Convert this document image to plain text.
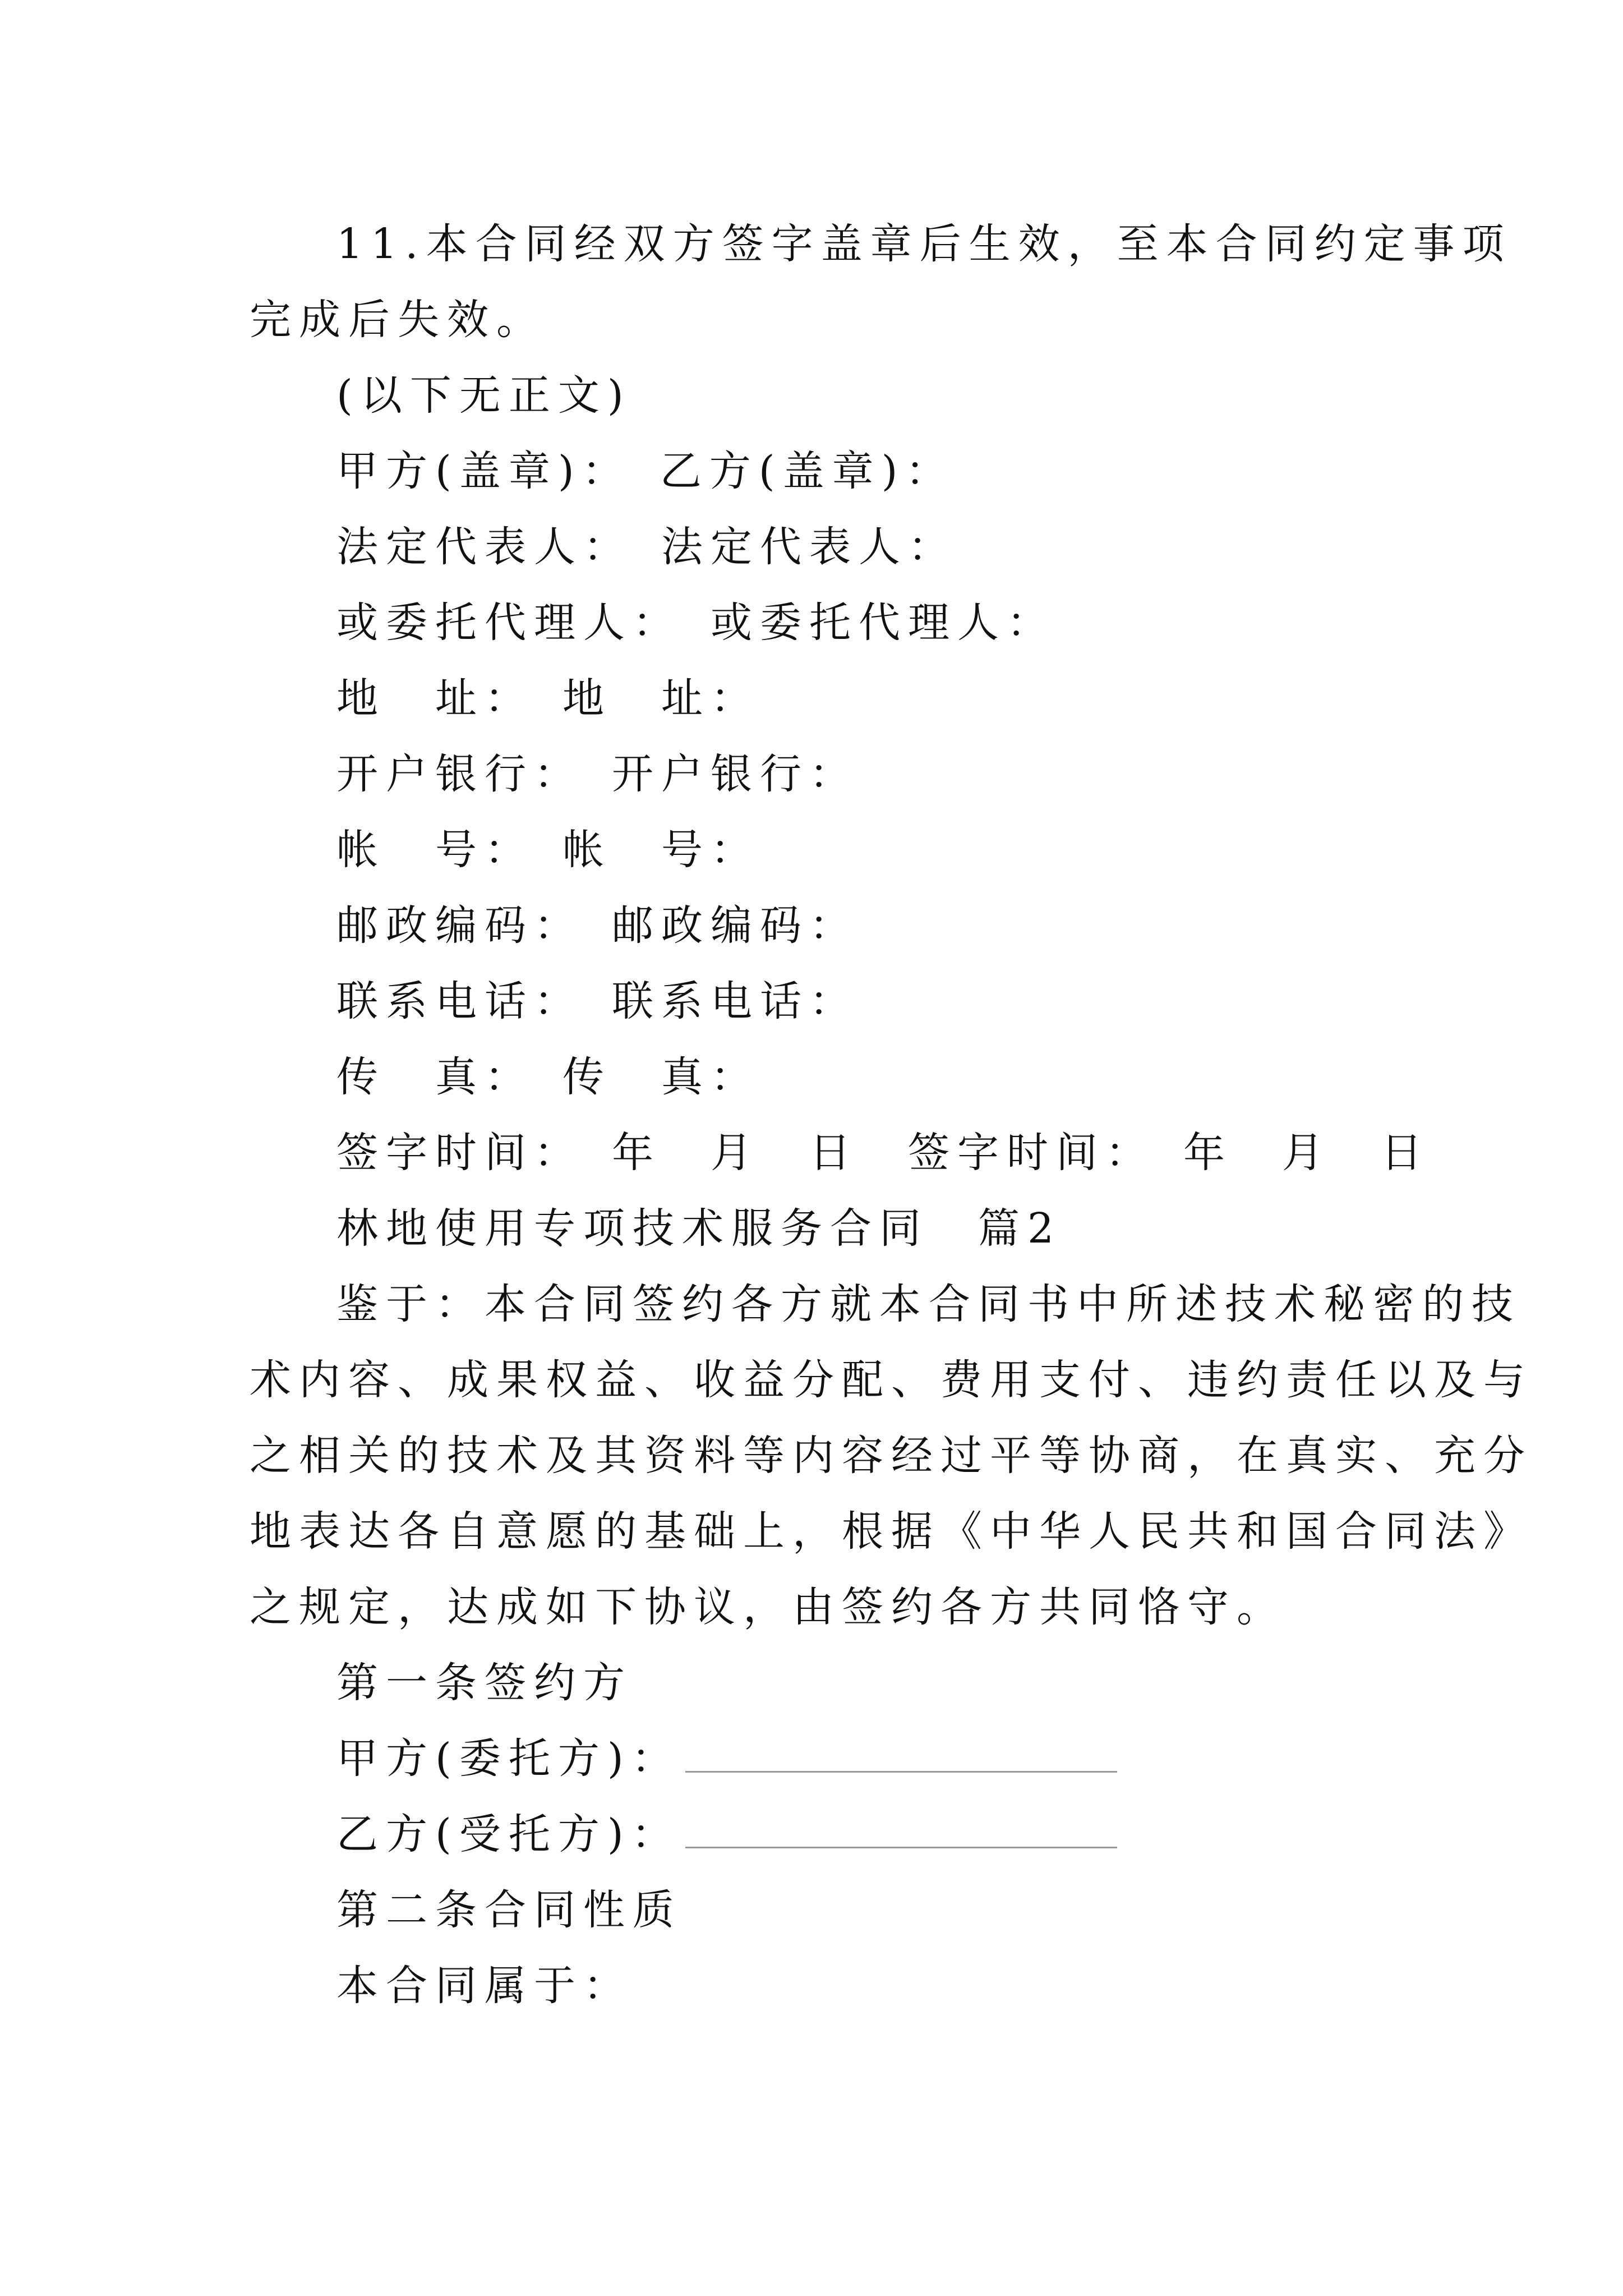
11.本合同经双方签字盖章后生效，至本合同约定事项
完成后失效。
(以下无正文)
甲方(盖章)：　乙方(盖章)：
法定代表人：　法定代表人：
或委托代理人：　或委托代理人：
地　址：　地　址：
开户银行：　开户银行：
帐　号：　帐　号：
邮政编码：　邮政编码：
联系电话：　联系电话：
传　真：　传　真：
签字时间：　年　月　日　签字时间：　年　月　日
林地使用专项技术服务合同　篇2
鉴于：本合同签约各方就本合同书中所述技术秘密的技
术内容、成果权益、收益分配、费用支付、违约责任以及与
之相关的技术及其资料等内容经过平等协商，在真实、充分
地表达各自意愿的基础上，根据《中华人民共和国合同法》
之规定，达成如下协议，由签约各方共同恪守。
第一条签约方
甲方(委托方)：
乙方(受托方)：
第二条合同性质
本合同属于：
